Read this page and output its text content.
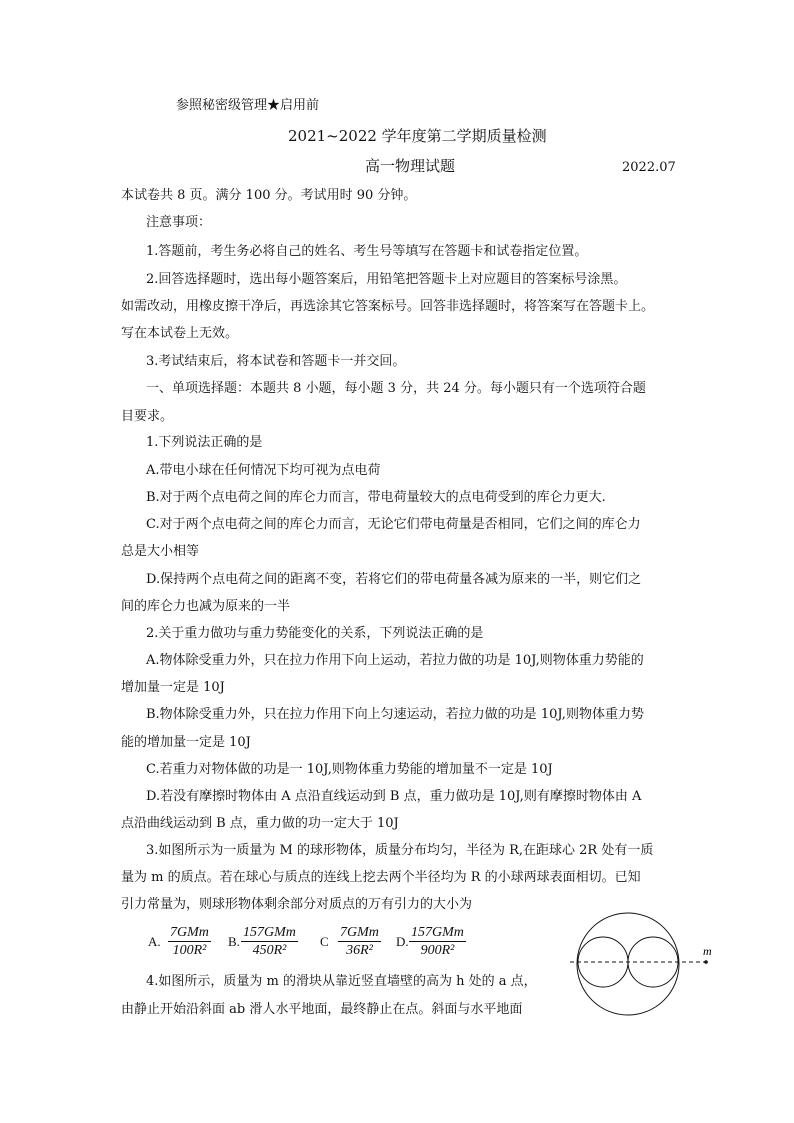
参照秘密级管理★启用前
2021~2022 学年度第二学期质量检测
高一物理试题	2022.07
本试卷共 8 页。满分 100 分。考试用时 90 分钟。
注意事项：
1.答题前，考生务必将自己的姓名、考生号等填写在答题卡和试卷指定位置。
2.回答选择题时，选出每小题答案后，用铅笔把答题卡上对应题目的答案标号涂黑。
如需改动，用橡皮擦干净后，再选涂其它答案标号。回答非选择题时，将答案写在答题卡上。
写在本试卷上无效。
3.考试结束后，将本试卷和答题卡一并交回。
一、单项选择题：本题共 8 小题，每小题 3 分，共 24 分。每小题只有一个选项符合题
目要求。
1.下列说法正确的是
A.带电小球在任何情况下均可视为点电荷
B.对于两个点电荷之间的库仑力而言，带电荷量较大的点电荷受到的库仑力更大.
C.对于两个点电荷之间的库仑力而言，无论它们带电荷量是否相同，它们之间的库仑力
总是大小相等
D.保持两个点电荷之间的距离不变，若将它们的带电荷量各减为原来的一半，则它们之
间的库仑力也减为原来的一半
2.关于重力做功与重力势能变化的关系，下列说法正确的是
A.物体除受重力外，只在拉力作用下向上运动，若拉力做的功是 10J,则物体重力势能的
增加量一定是 10J
B.物体除受重力外，只在拉力作用下向上匀速运动，若拉力做的功是 10J,则物体重力势
能的增加量一定是 10J
C.若重力对物体做的功是一 10J,则物体重力势能的增加量不一定是 10J
D.若没有摩擦时物体由 A 点沿直线运动到 B 点，重力做功是 10J,则有摩擦时物体由 A
点沿曲线运动到 B 点，重力做的功一定大于 10J
3.如图所示为一质量为 M 的球形物体，质量分布均匀，半径为 R,在距球心 2R 处有一质
量为 m 的质点。若在球心与质点的连线上挖去两个半径均为 R 的小球两球表面相切。已知
引力常量为，则球形物体剩余部分对质点的万有引力的大小为
A.
7GMm
100R²
B.
157GMm
450R²
C
7GMm
36R²
D.
157GMm
900R²	m
4.如图所示，质量为 m 的滑块从靠近竖直墙壁的高为 h 处的 a 点，
由静止开始沿斜面 ab 滑人水平地面，最终静止在点。斜面与水平地面
